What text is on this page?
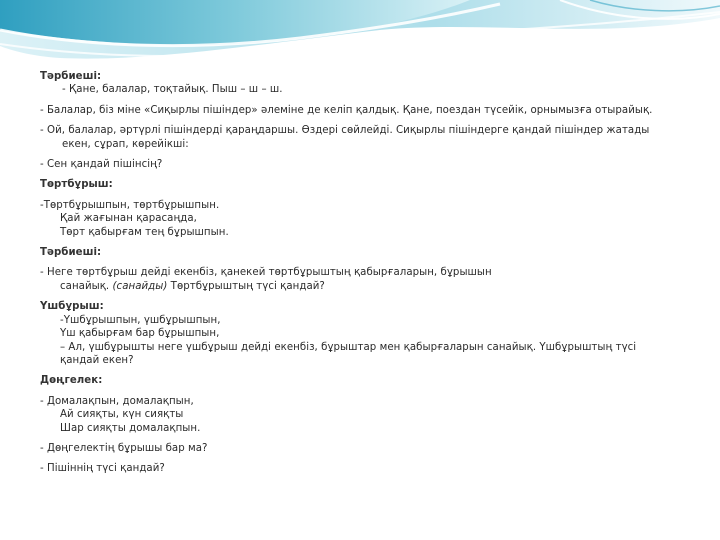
Тәрбиеші:

- Қане, балалар, тоқтайық. Пыш – ш – ш.

- Балалар, біз міне «Сиқырлы пішіндер» әлеміне де келіп қалдық. Қане, поездан түсейік, орнымызға отырайық.

- Ой, балалар, әртүрлі пішіндерді қараңдаршы. Өздері сөйлейді. Сиқырлы пішіндерге қандай пішіндер жатады

екен, сұрап, көрейікші:

- Сен қандай пішінсің?

Төртбұрыш:

-Төртбұрышпын, төртбұрышпын.

Қай жағынан қарасаңда,

Төрт қабырғам тең бұрышпын.

Тәрбиеші:

- Неге төртбұрыш дейді екенбіз, қанекей төртбұрыштың қабырғаларын, бұрышын

санайық. (санайды) Төртбұрыштың түсі қандай?

Үшбұрыш:

-Үшбұрышпын, үшбұрышпын,

Үш қабырғам бар бұрышпын,

– Ал, үшбұрышты неге үшбұрыш дейді екенбіз, бұрыштар мен қабырғаларын санайық. Үшбұрыштың түсі

қандай екен?

Дөңгелек:

- Домалақпын, домалақпын,

Ай сияқты, күн сияқты

Шар сияқты домалақпын.

- Дөңгелектің бұрышы бар ма?

- Пішіннің түсі қандай?
